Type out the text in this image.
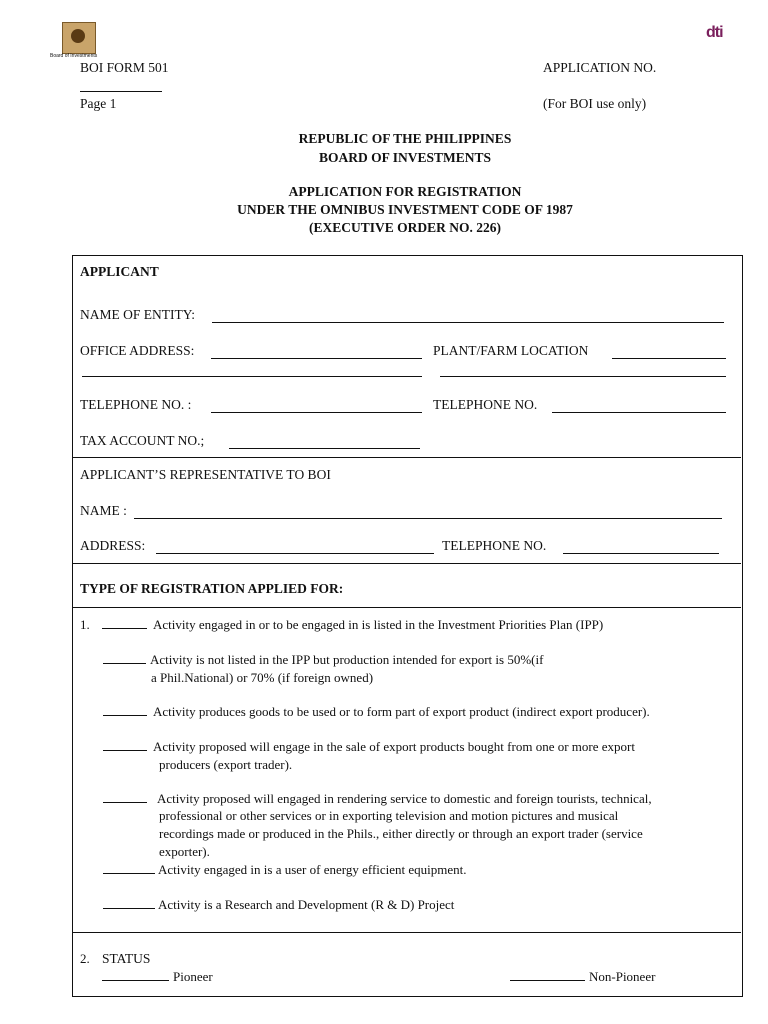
Board of Investments
dti
BOI FORM 501
Page 1
APPLICATION NO.
(For BOI use only)
REPUBLIC OF THE PHILIPPINES
BOARD OF INVESTMENTS
APPLICATION FOR REGISTRATION
UNDER THE OMNIBUS INVESTMENT CODE OF 1987
(EXECUTIVE ORDER NO. 226)
APPLICANT
NAME OF ENTITY:
OFFICE ADDRESS:	PLANT/FARM LOCATION
TELEPHONE NO. :	TELEPHONE NO.
TAX ACCOUNT NO.;
APPLICANT’S REPRESENTATIVE TO BOI
NAME :
ADDRESS:	TELEPHONE NO.
TYPE OF REGISTRATION APPLIED FOR:
1.	Activity engaged in or to be engaged in is listed in the Investment Priorities Plan (IPP)
Activity is not listed in the IPP but production intended for export is 50%(if
a Phil.National) or 70% (if foreign owned)
Activity produces goods to be used or to form part of export product (indirect export producer).
Activity proposed will engage in the sale of export products bought from one or more export
producers (export trader).
Activity proposed will engaged in rendering service to domestic and foreign tourists, technical,
professional or other services or in exporting television and motion pictures and musical
recordings made or produced in the Phils., either directly or through an export trader (service
exporter).
Activity engaged in is a user of energy efficient equipment.
Activity is a Research and Development (R & D) Project
2. STATUS
Pioneer	Non-Pioneer
